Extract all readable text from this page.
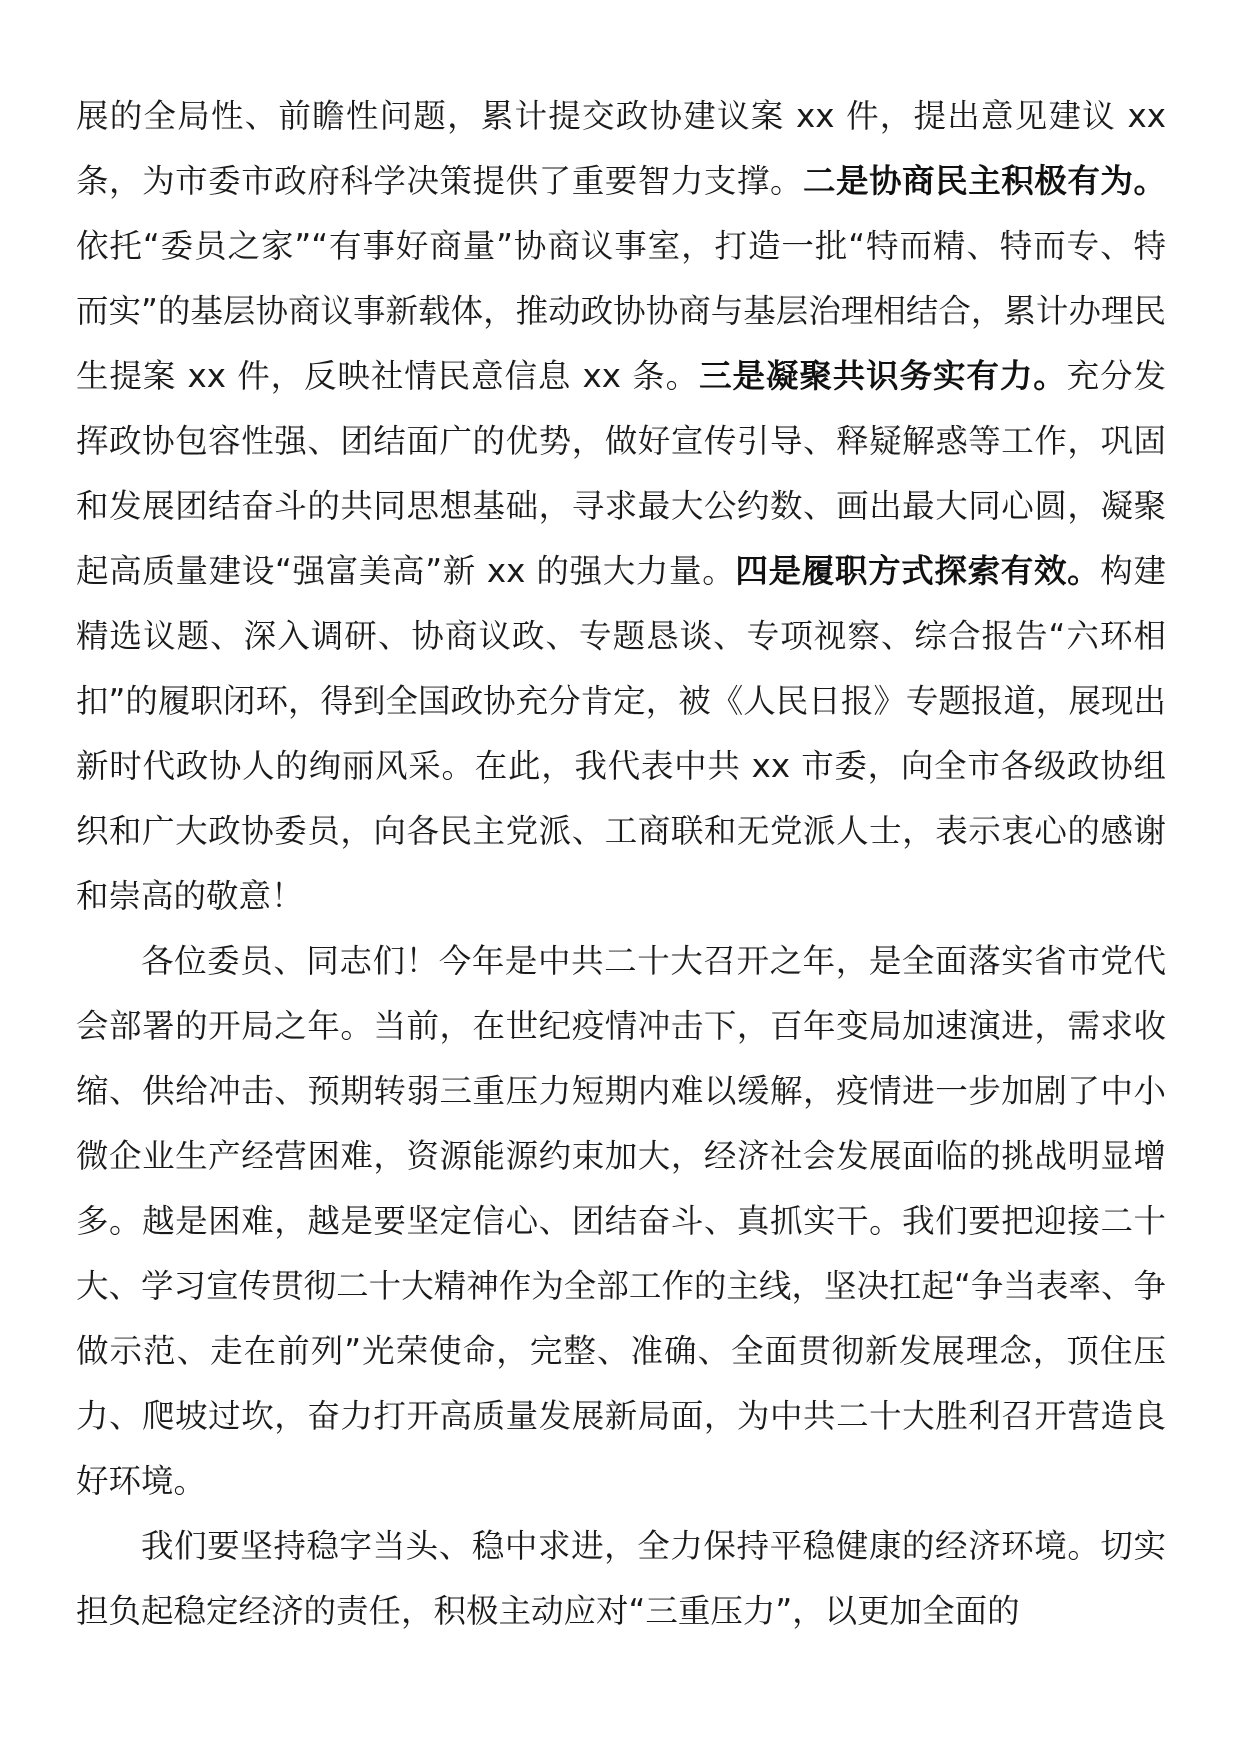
展的全局性、前瞻性问题，累计提交政协建议案 xx 件，提出意见建议 xx 条，为市委市政府科学决策提供了重要智力支撑。二是协商民主积极有为。依托“委员之家”“有事好商量”协商议事室，打造一批“特而精、特而专、特而实”的基层协商议事新载体，推动政协协商与基层治理相结合，累计办理民生提案 xx 件，反映社情民意信息 xx 条。三是凝聚共识务实有力。充分发挥政协包容性强、团结面广的优势，做好宣传引导、释疑解惑等工作，巩固和发展团结奋斗的共同思想基础，寻求最大公约数、画出最大同心圆，凝聚起高质量建设“强富美高”新 xx 的强大力量。四是履职方式探索有效。构建精选议题、深入调研、协商议政、专题恳谈、专项视察、综合报告“六环相扣”的履职闭环，得到全国政协充分肯定，被《人民日报》专题报道，展现出新时代政协人的绚丽风采。在此，我代表中共 xx 市委，向全市各级政协组织和广大政协委员，向各民主党派、工商联和无党派人士，表示衷心的感谢和崇高的敬意！

各位委员、同志们！今年是中共二十大召开之年，是全面落实省市党代会部署的开局之年。当前，在世纪疫情冲击下，百年变局加速演进，需求收缩、供给冲击、预期转弱三重压力短期内难以缓解，疫情进一步加剧了中小微企业生产经营困难，资源能源约束加大，经济社会发展面临的挑战明显增多。越是困难，越是要坚定信心、团结奋斗、真抓实干。我们要把迎接二十大、学习宣传贯彻二十大精神作为全部工作的主线，坚决扛起“争当表率、争做示范、走在前列”光荣使命，完整、准确、全面贯彻新发展理念，顶住压力、爬坡过坎，奋力打开高质量发展新局面，为中共二十大胜利召开营造良好环境。

我们要坚持稳字当头、稳中求进，全力保持平稳健康的经济环境。切实担负起稳定经济的责任，积极主动应对“三重压力”，以更加全面的
